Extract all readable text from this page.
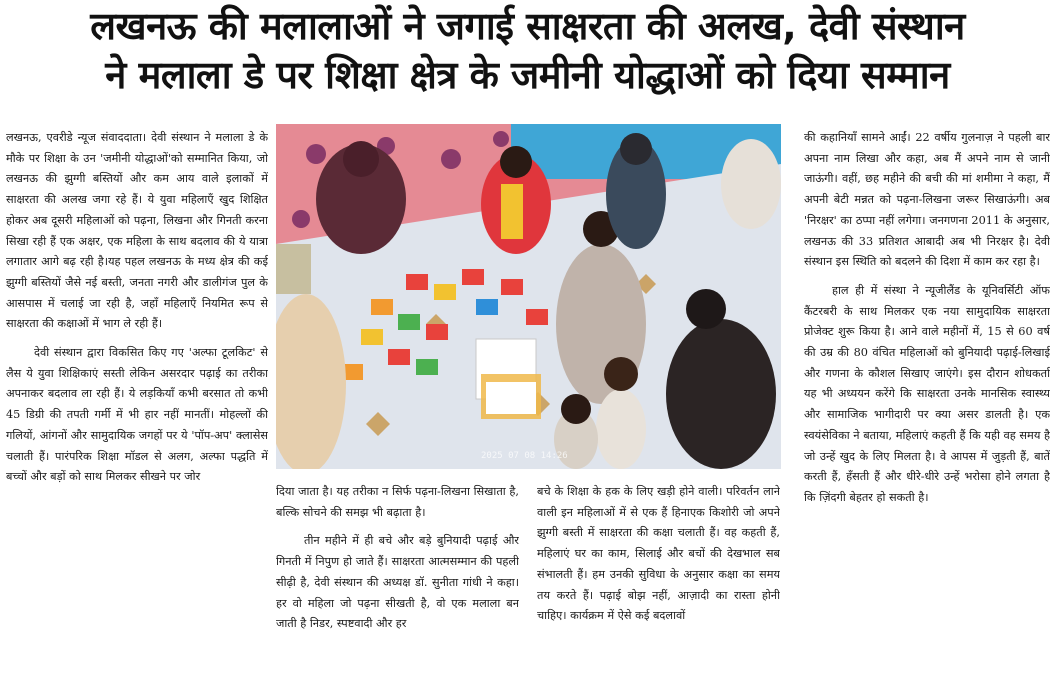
लखनऊ की मलालाओं ने जगाई साक्षरता की अलख, देवी संस्थान
ने मलाला डे पर शिक्षा क्षेत्र के जमीनी योद्धाओं को दिया सम्मान

लखनऊ, एवरीडे न्यूज संवाददाता। देवी संस्थान ने मलाला डे के मौके पर शिक्षा के उन 'जमीनी योद्धाओं'को सम्मानित किया, जो लखनऊ की झुग्गी बस्तियों और कम आय वाले इलाकों में साक्षरता की अलख जगा रहे हैं। ये युवा महिलाएँ खुद शिक्षित होकर अब दूसरी महिलाओं को पढ़ना, लिखना और गिनती करना सिखा रही हैं एक अक्षर, एक महिला के साथ बदलाव की ये यात्रा लगातार आगे बढ़ रही है।यह पहल लखनऊ के मध्य क्षेत्र की कई झुग्गी बस्तियों जैसे नई बस्ती, जनता नगरी और डालीगंज पुल के आसपास में चलाई जा रही है, जहाँ महिलाएँ नियमित रूप से साक्षरता की कक्षाओं में भाग ले रही हैं।

देवी संस्थान द्वारा विकसित किए गए 'अल्फा टूलकिट' से लैस ये युवा शिक्षिकाएं सस्ती लेकिन असरदार पढ़ाई का तरीका अपनाकर बदलाव ला रही हैं। ये लड़कियाँ कभी बरसात तो कभी 45 डिग्री की तपती गर्मी में भी हार नहीं मानतीं। मोहल्लों की गलियों, आंगनों और सामुदायिक जगहों पर ये 'पॉप-अप' क्लासेस चलाती हैं। पारंपरिक शिक्षा मॉडल से अलग, अल्फा पद्धति में बच्चों और बड़ों को साथ मिलकर सीखने पर जोर

2025 07 08 14:26

दिया जाता है। यह तरीका न सिर्फ पढ़ना-लिखना सिखाता है, बल्कि सोचने की समझ भी बढ़ाता है।

तीन महीने में ही बचे और बड़े बुनियादी पढ़ाई और गिनती में निपुण हो जाते हैं। साक्षरता आत्मसम्मान की पहली सीढ़ी है, देवी संस्थान की अध्यक्ष डॉ. सुनीता गांधी ने कहा। हर वो महिला जो पढ़ना सीखती है, वो एक मलाला बन जाती है निडर, स्पष्टवादी और हर

बचे के शिक्षा के हक के लिए खड़ी होने वाली। परिवर्तन लाने वाली इन महिलाओं में से एक हैं हिनाएक किशोरी जो अपने झुग्गी बस्ती में साक्षरता की कक्षा चलाती हैं। वह कहती हैं, महिलाएं घर का काम, सिलाई और बचों की देखभाल सब संभालती हैं। हम उनकी सुविधा के अनुसार कक्षा का समय तय करते हैं। पढ़ाई बोझ नहीं, आज़ादी का रास्ता होनी चाहिए। कार्यक्रम में ऐसे कई बदलावों

की कहानियाँ सामने आईं। 22 वर्षीय गुलनाज़ ने पहली बार अपना नाम लिखा और कहा, अब मैं अपने नाम से जानी जाऊंगी। वहीं, छह महीने की बची की मां शमीमा ने कहा, मैं अपनी बेटी मन्नत को पढ़ना-लिखना जरूर सिखाऊंगी। अब 'निरक्षर' का ठप्पा नहीं लगेगा। जनगणना 2011 के अनुसार, लखनऊ की 33 प्रतिशत आबादी अब भी निरक्षर है। देवी संस्थान इस स्थिति को बदलने की दिशा में काम कर रहा है।

हाल ही में संस्था ने न्यूजीलैंड के यूनिवर्सिटी ऑफ कैंटरबरी के साथ मिलकर एक नया सामुदायिक साक्षरता प्रोजेक्ट शुरू किया है। आने वाले महीनों में, 15 से 60 वर्ष की उम्र की 80 वंचित महिलाओं को बुनियादी पढ़ाई-लिखाई और गणना के कौशल सिखाए जाएंगे। इस दौरान शोधकर्ता यह भी अध्ययन करेंगे कि साक्षरता उनके मानसिक स्वास्थ्य और सामाजिक भागीदारी पर क्या असर डालती है। एक स्वयंसेविका ने बताया, महिलाएं कहती हैं कि यही वह समय है जो उन्हें खुद के लिए मिलता है। वे आपस में जुड़ती हैं, बातें करती हैं, हँसती हैं और धीरे-धीरे उन्हें भरोसा होने लगता है कि ज़िंदगी बेहतर हो सकती है।
